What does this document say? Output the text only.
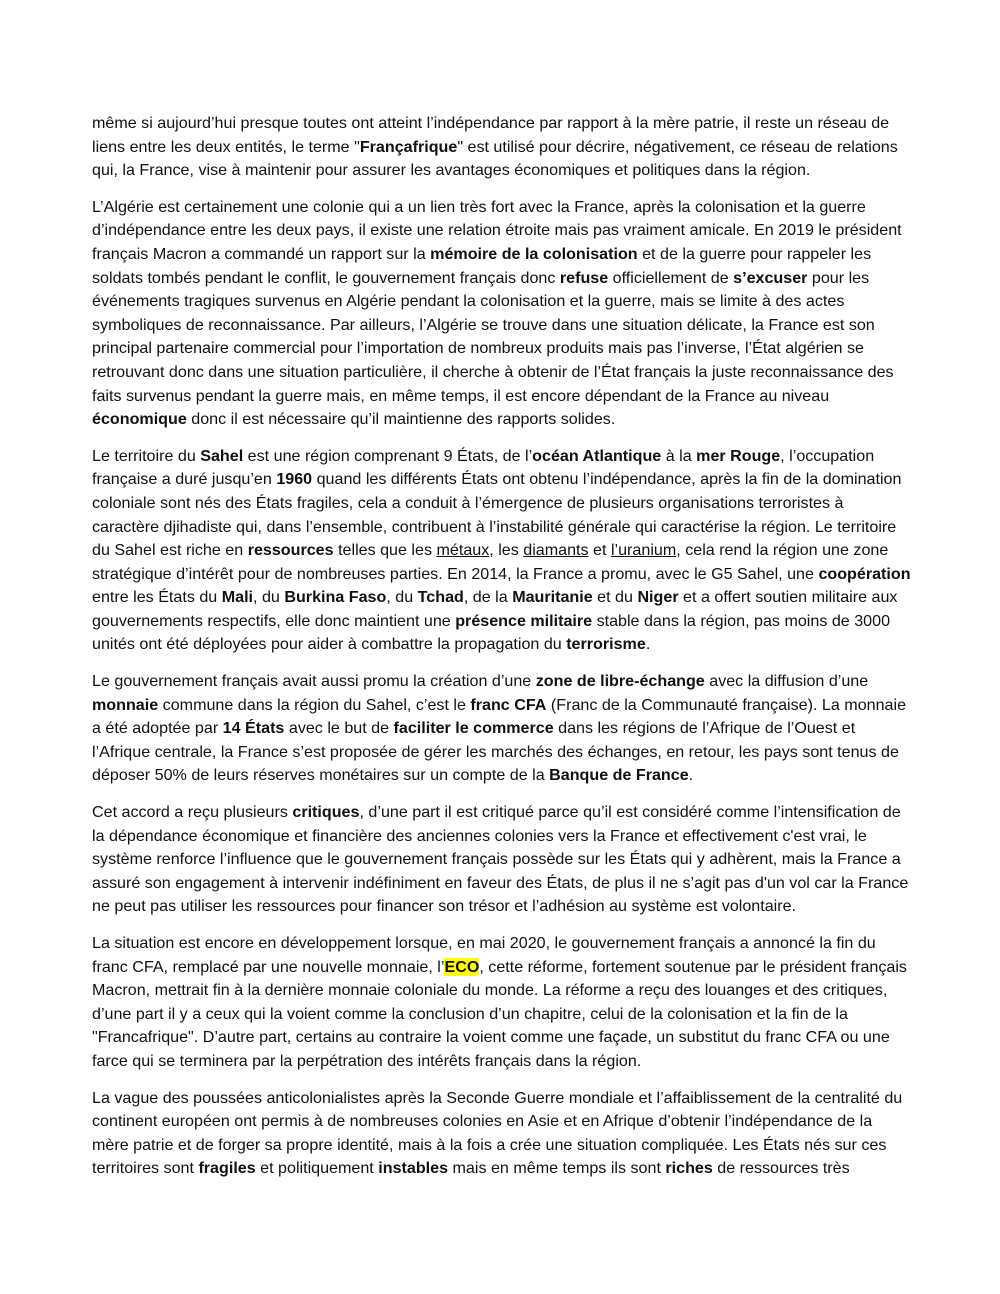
même si aujourd’hui presque toutes ont atteint l’indépendance par rapport à la mère patrie, il reste un réseau de liens entre les deux entités, le terme "Françafrique" est utilisé pour décrire, négativement, ce réseau de relations qui, la France, vise à maintenir pour assurer les avantages économiques et politiques dans la région.

L’Algérie est certainement une colonie qui a un lien très fort avec la France, après la colonisation et la guerre d’indépendance entre les deux pays, il existe une relation étroite mais pas vraiment amicale. En 2019 le président français Macron a commandé un rapport sur la mémoire de la colonisation et de la guerre pour rappeler les soldats tombés pendant le conflit, le gouvernement français donc refuse officiellement de s’excuser pour les événements tragiques survenus en Algérie pendant la colonisation et la guerre, mais se limite à des actes symboliques de reconnaissance. Par ailleurs, l’Algérie se trouve dans une situation délicate, la France est son principal partenaire commercial pour l’importation de nombreux produits mais pas l’inverse, l’État algérien se retrouvant donc dans une situation particulière, il cherche à obtenir de l’État français la juste reconnaissance des faits survenus pendant la guerre mais, en même temps, il est encore dépendant de la France au niveau économique donc il est nécessaire qu’il maintienne des rapports solides.

Le territoire du Sahel est une région comprenant 9 États, de l’océan Atlantique à la mer Rouge, l’occupation française a duré jusqu’en 1960 quand les différents États ont obtenu l’indépendance, après la fin de la domination coloniale sont nés des États fragiles, cela a conduit à l’émergence de plusieurs organisations terroristes à caractère djihadiste qui, dans l’ensemble, contribuent à l’instabilité générale qui caractérise la région. Le territoire du Sahel est riche en ressources telles que les métaux, les diamants et l’uranium, cela rend la région une zone stratégique d’intérêt pour de nombreuses parties. En 2014, la France a promu, avec le G5 Sahel, une coopération entre les États du Mali, du Burkina Faso, du Tchad, de la Mauritanie et du Niger et a offert soutien militaire aux gouvernements respectifs, elle donc maintient une présence militaire stable dans la région, pas moins de 3000 unités ont été déployées pour aider à combattre la propagation du terrorisme.

Le gouvernement français avait aussi promu la création d’une zone de libre-échange avec la diffusion d’une monnaie commune dans la région du Sahel, c’est le franc CFA (Franc de la Communauté française). La monnaie a été adoptée par 14 États avec le but de faciliter le commerce dans les régions de l’Afrique de l’Ouest et l’Afrique centrale, la France s’est proposée de gérer les marchés des échanges, en retour, les pays sont tenus de déposer 50% de leurs réserves monétaires sur un compte de la Banque de France.

Cet accord a reçu plusieurs critiques, d’une part il est critiqué parce qu’il est considéré comme l’intensification de la dépendance économique et financière des anciennes colonies vers la France et effectivement c'est vrai, le système renforce l’influence que le gouvernement français possède sur les États qui y adhèrent, mais la France a assuré son engagement à intervenir indéfiniment en faveur des États, de plus il ne s’agit pas d'un vol car la France ne peut pas utiliser les ressources pour financer son trésor et l’adhésion au système est volontaire.

La situation est encore en développement lorsque, en mai 2020, le gouvernement français a annoncé la fin du franc CFA, remplacé par une nouvelle monnaie, l’ECO, cette réforme, fortement soutenue par le président français Macron, mettrait fin à la dernière monnaie coloniale du monde. La réforme a reçu des louanges et des critiques, d’une part il y a ceux qui la voient comme la conclusion d’un chapitre, celui de la colonisation et la fin de la "Francafrique". D’autre part, certains au contraire la voient comme une façade, un substitut du franc CFA ou une farce qui se terminera par la perpétration des intérêts français dans la région.

La vague des poussées anticolonialistes après la Seconde Guerre mondiale et l’affaiblissement de la centralité du continent européen ont permis à de nombreuses colonies en Asie et en Afrique d’obtenir l’indépendance de la mère patrie et de forger sa propre identité, mais à la fois a crée une situation compliquée. Les États nés sur ces territoires sont fragiles et politiquement instables mais en même temps ils sont riches de ressources très
